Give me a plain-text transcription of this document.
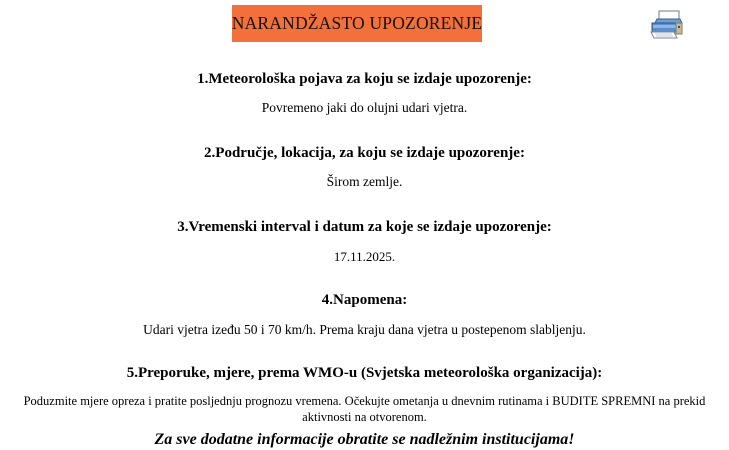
NARANDŽASTO UPOZORENJE
1.Meteorološka pojava za koju se izdaje upozorenje:
Povremeno jaki do olujni udari vjetra.
2.Područje, lokacija, za koju se izdaje upozorenje:
Širom zemlje.
3.Vremenski interval i datum za koje se izdaje upozorenje:
17.11.2025.
4.Napomena:
Udari vjetra izeđu 50 i 70 km/h. Prema kraju dana vjetra u postepenom slabljenju.
5.Preporuke, mjere, prema WMO-u (Svjetska meteorološka organizacija):
Poduzmite mjere opreza i pratite posljednju prognozu vremena. Očekujte ometanja u dnevnim rutinama i BUDITE SPREMNI na prekid aktivnosti na otvorenom.
Za sve dodatne informacije obratite se nadležnim institucijama!
